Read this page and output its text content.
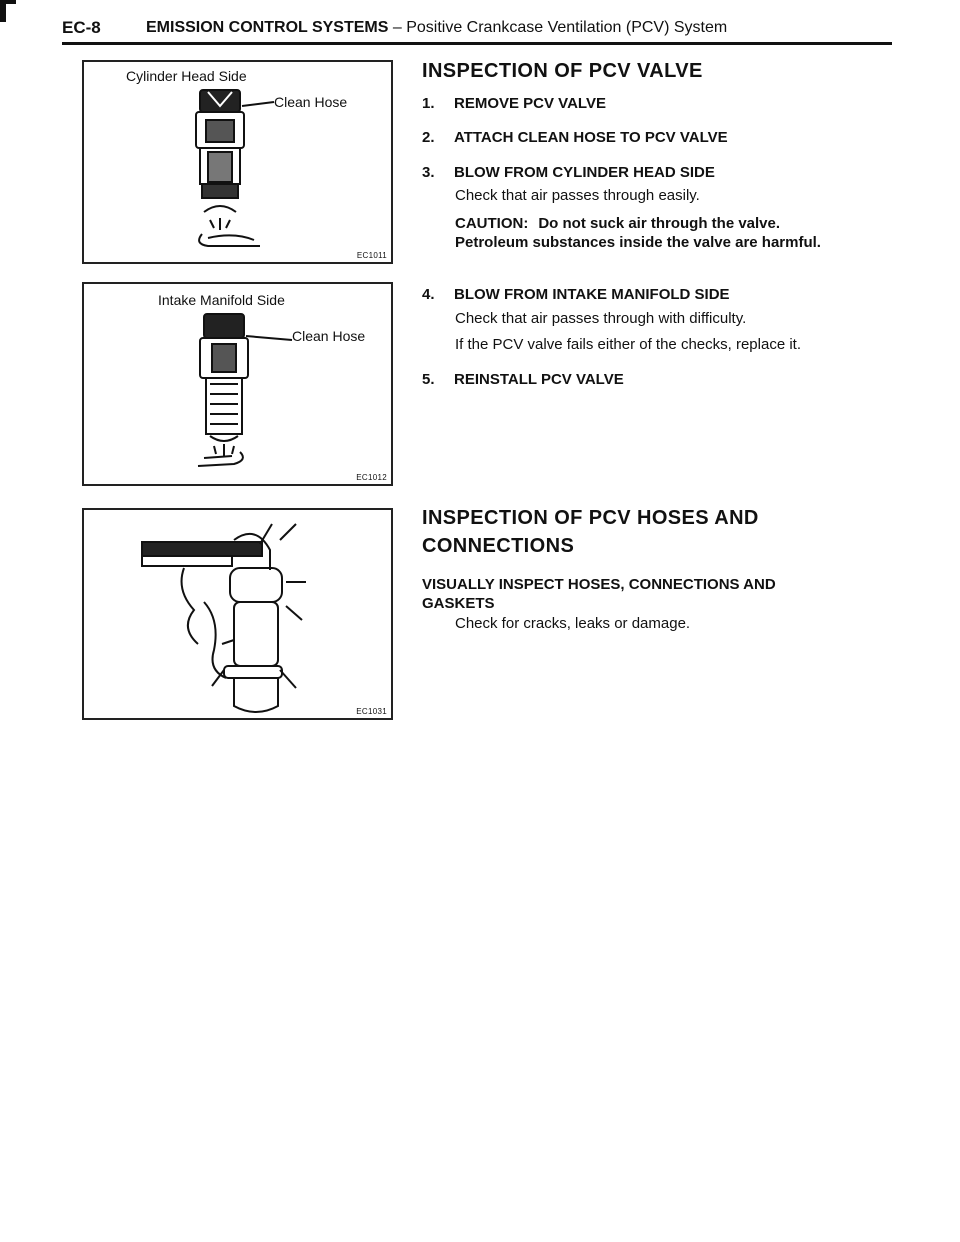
EC-8	EMISSION CONTROL SYSTEMS – Positive Crankcase Ventilation (PCV) System
Cylinder Head Side
Clean Hose
EC1011
Intake Manifold Side
Clean Hose
EC1012
EC1031
INSPECTION OF PCV VALVE
1. REMOVE PCV VALVE
2. ATTACH CLEAN HOSE TO PCV VALVE
3. BLOW FROM CYLINDER HEAD SIDE
Check that air passes through easily.
CAUTION: Do not suck air through the valve.
Petroleum substances inside the valve are harmful.
4. BLOW FROM INTAKE MANIFOLD SIDE
Check that air passes through with difficulty.
If the PCV valve fails either of the checks, replace it.
5. REINSTALL PCV VALVE
INSPECTION OF PCV HOSES AND
CONNECTIONS
VISUALLY INSPECT HOSES, CONNECTIONS AND
GASKETS
Check for cracks, leaks or damage.
